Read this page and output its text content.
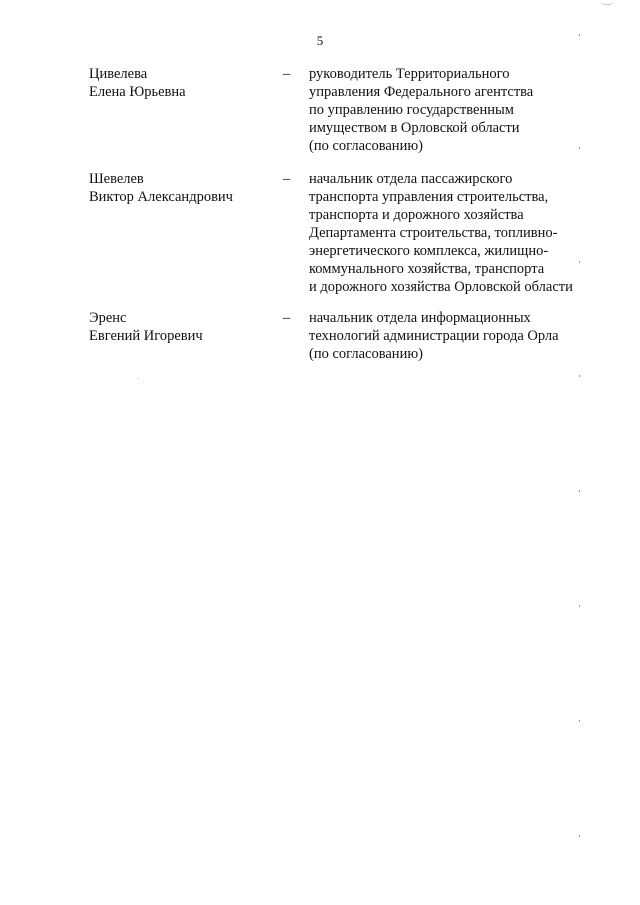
5
Цивелева
Елена Юрьевна
– руководитель Территориального
управления Федерального агентства
по управлению государственным
имуществом в Орловской области
(по согласованию)
Шевелев
Виктор Александрович
– начальник отдела пассажирского
транспорта управления строительства,
транспорта и дорожного хозяйства
Департамента строительства, топливно-
энергетического комплекса, жилищно-
коммунального хозяйства, транспорта
и дорожного хозяйства Орловской области
Эренс
Евгений Игоревич
– начальник отдела информационных
технологий администрации города Орла
(по согласованию)
